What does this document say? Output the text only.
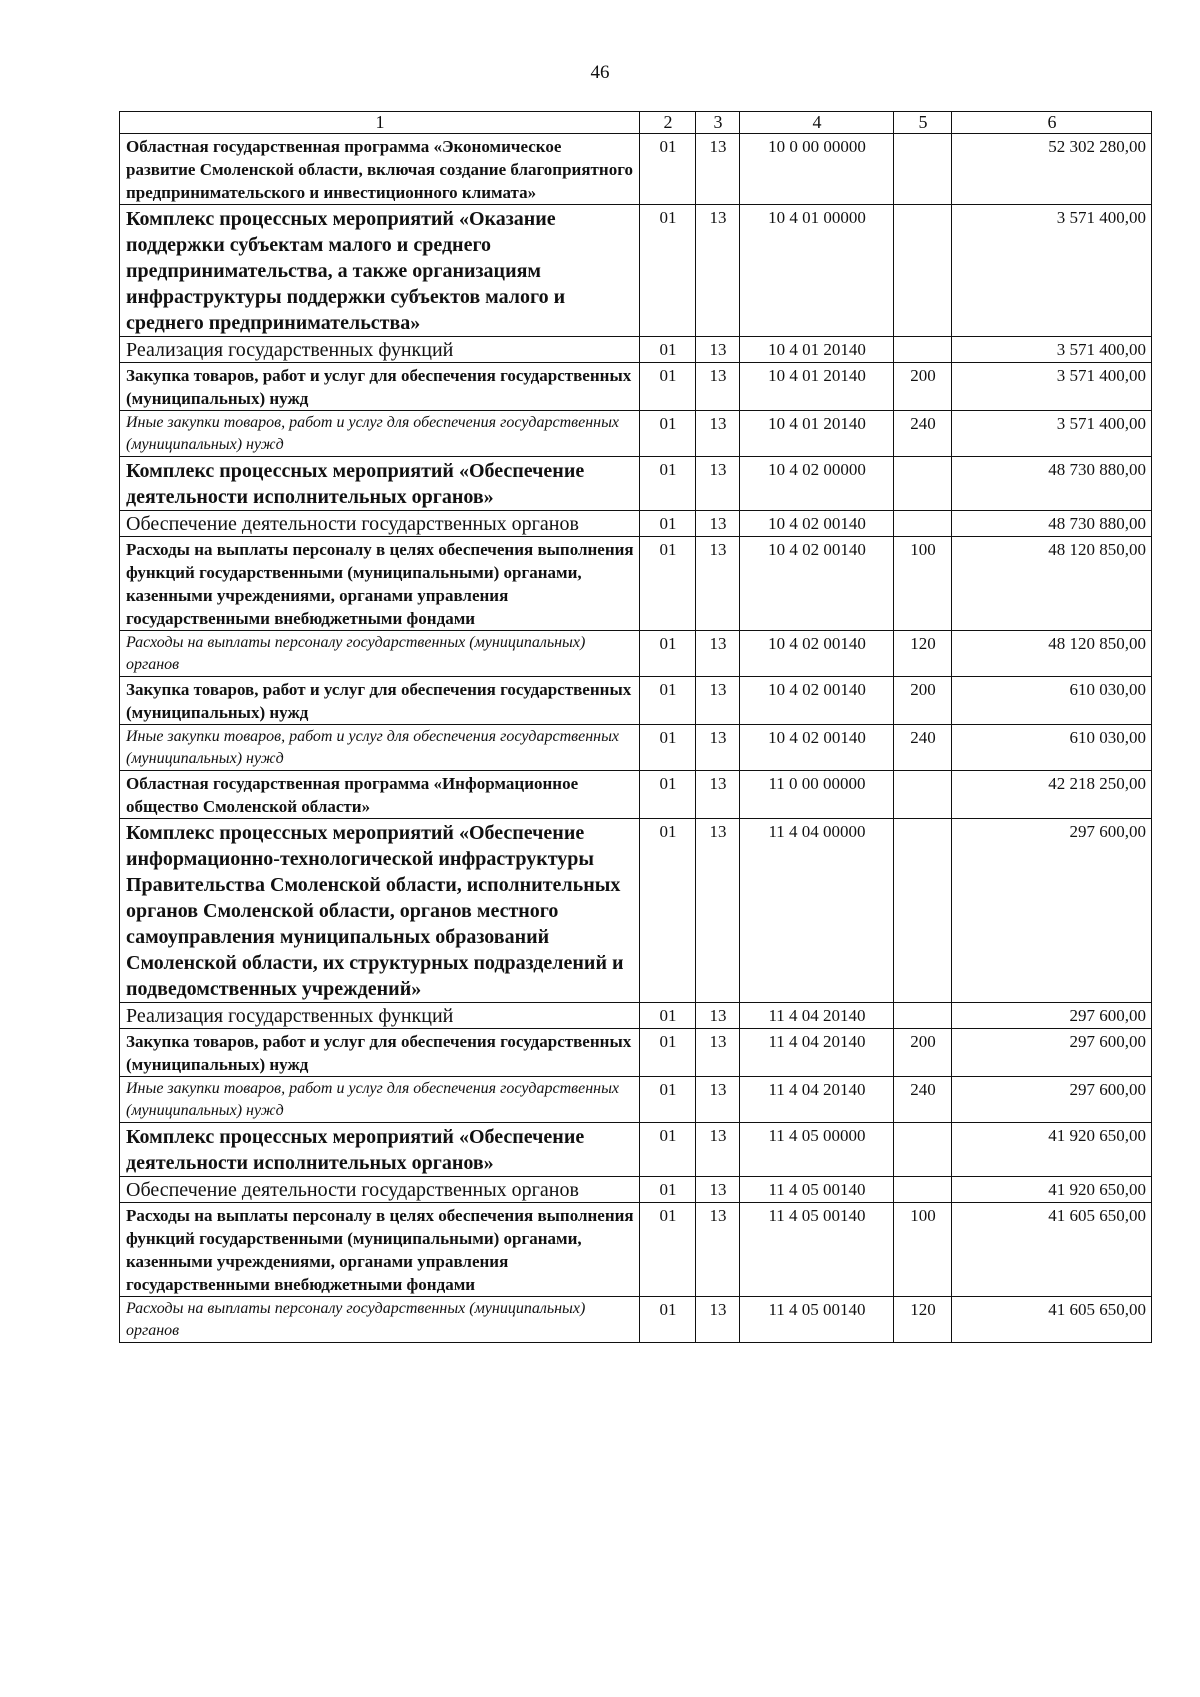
46
1	2	3	4	5	6
Областная государственная программа «Экономическое развитие Смоленской области, включая создание благоприятного предпринимательского и инвестиционного климата»	01	13	10 0 00 00000		52 302 280,00
Комплекс процессных мероприятий «Оказание поддержки субъектам малого и среднего предпринимательства, а также организациям инфраструктуры поддержки субъектов малого и среднего предпринимательства»	01	13	10 4 01 00000		3 571 400,00
Реализация государственных функций	01	13	10 4 01 20140		3 571 400,00
Закупка товаров, работ и услуг для обеспечения государственных (муниципальных) нужд	01	13	10 4 01 20140	200	3 571 400,00
Иные закупки товаров, работ и услуг для обеспечения государственных (муниципальных) нужд	01	13	10 4 01 20140	240	3 571 400,00
Комплекс процессных мероприятий «Обеспечение деятельности исполнительных органов»	01	13	10 4 02 00000		48 730 880,00
Обеспечение деятельности государственных органов	01	13	10 4 02 00140		48 730 880,00
Расходы на выплаты персоналу в целях обеспечения выполнения функций государственными (муниципальными) органами, казенными учреждениями, органами управления государственными внебюджетными фондами	01	13	10 4 02 00140	100	48 120 850,00
Расходы на выплаты персоналу государственных (муниципальных) органов	01	13	10 4 02 00140	120	48 120 850,00
Закупка товаров, работ и услуг для обеспечения государственных (муниципальных) нужд	01	13	10 4 02 00140	200	610 030,00
Иные закупки товаров, работ и услуг для обеспечения государственных (муниципальных) нужд	01	13	10 4 02 00140	240	610 030,00
Областная государственная программа «Информационное общество Смоленской области»	01	13	11 0 00 00000		42 218 250,00
Комплекс процессных мероприятий «Обеспечение информационно-технологической инфраструктуры Правительства Смоленской области, исполнительных органов Смоленской области, органов местного самоуправления муниципальных образований Смоленской области, их структурных подразделений и подведомственных учреждений»	01	13	11 4 04 00000		297 600,00
Реализация государственных функций	01	13	11 4 04 20140		297 600,00
Закупка товаров, работ и услуг для обеспечения государственных (муниципальных) нужд	01	13	11 4 04 20140	200	297 600,00
Иные закупки товаров, работ и услуг для обеспечения государственных (муниципальных) нужд	01	13	11 4 04 20140	240	297 600,00
Комплекс процессных мероприятий «Обеспечение деятельности исполнительных органов»	01	13	11 4 05 00000		41 920 650,00
Обеспечение деятельности государственных органов	01	13	11 4 05 00140		41 920 650,00
Расходы на выплаты персоналу в целях обеспечения выполнения функций государственными (муниципальными) органами, казенными учреждениями, органами управления государственными внебюджетными фондами	01	13	11 4 05 00140	100	41 605 650,00
Расходы на выплаты персоналу государственных (муниципальных) органов	01	13	11 4 05 00140	120	41 605 650,00
